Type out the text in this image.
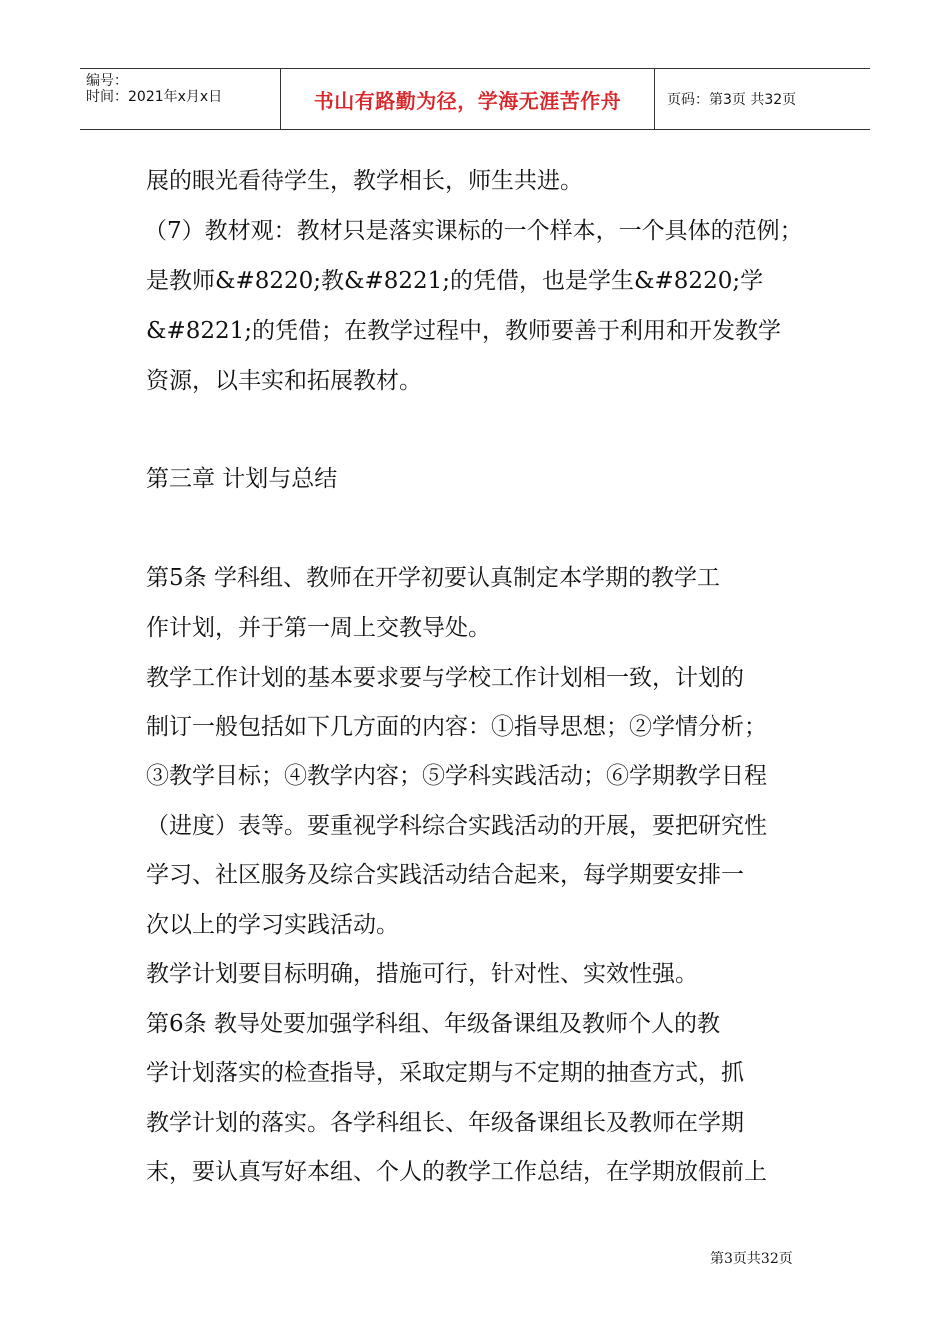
编号：
时间：2021年x月x日	书山有路勤为径，学海无涯苦作舟	页码：第3页 共32页
展的眼光看待学生，教学相长，师生共进。
（7）教材观：教材只是落实课标的一个样本，一个具体的范例；
是教师&#8220;教&#8221;的凭借，也是学生&#8220;学
&#8221;的凭借；在教学过程中，教师要善于利用和开发教学
资源，以丰实和拓展教材。
第三章 计划与总结
第5条 学科组、教师在开学初要认真制定本学期的教学工
作计划，并于第一周上交教导处。
教学工作计划的基本要求要与学校工作计划相一致，计划的
制订一般包括如下几方面的内容：①指导思想；②学情分析；
③教学目标；④教学内容；⑤学科实践活动；⑥学期教学日程
（进度）表等。要重视学科综合实践活动的开展，要把研究性
学习、社区服务及综合实践活动结合起来，每学期要安排一
次以上的学习实践活动。
教学计划要目标明确，措施可行，针对性、实效性强。
第6条 教导处要加强学科组、年级备课组及教师个人的教
学计划落实的检查指导，采取定期与不定期的抽查方式，抓
教学计划的落实。各学科组长、年级备课组长及教师在学期
末，要认真写好本组、个人的教学工作总结，在学期放假前上
第3页共32页
